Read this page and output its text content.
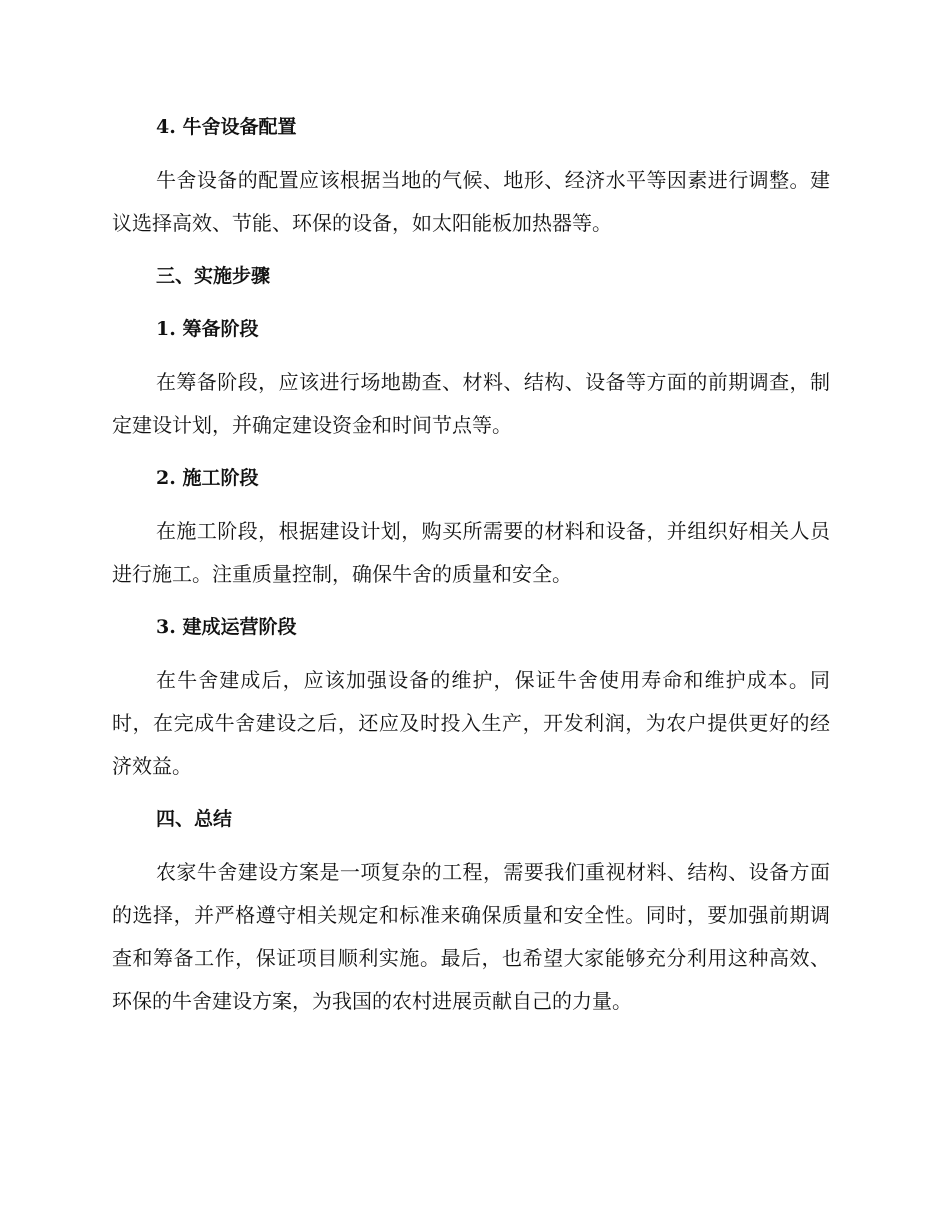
4. 牛舍设备配置

牛舍设备的配置应该根据当地的气候、地形、经济水平等因素进行调整。建议选择高效、节能、环保的设备，如太阳能板加热器等。

三、实施步骤
1. 筹备阶段

在筹备阶段，应该进行场地勘查、材料、结构、设备等方面的前期调查，制定建设计划，并确定建设资金和时间节点等。

2. 施工阶段

在施工阶段，根据建设计划，购买所需要的材料和设备，并组织好相关人员进行施工。注重质量控制，确保牛舍的质量和安全。

3. 建成运营阶段

在牛舍建成后，应该加强设备的维护，保证牛舍使用寿命和维护成本。同时，在完成牛舍建设之后，还应及时投入生产，开发利润，为农户提供更好的经济效益。

四、总结

农家牛舍建设方案是一项复杂的工程，需要我们重视材料、结构、设备方面的选择，并严格遵守相关规定和标准来确保质量和安全性。同时，要加强前期调查和筹备工作，保证项目顺利实施。最后，也希望大家能够充分利用这种高效、环保的牛舍建设方案，为我国的农村进展贡献自己的力量。
